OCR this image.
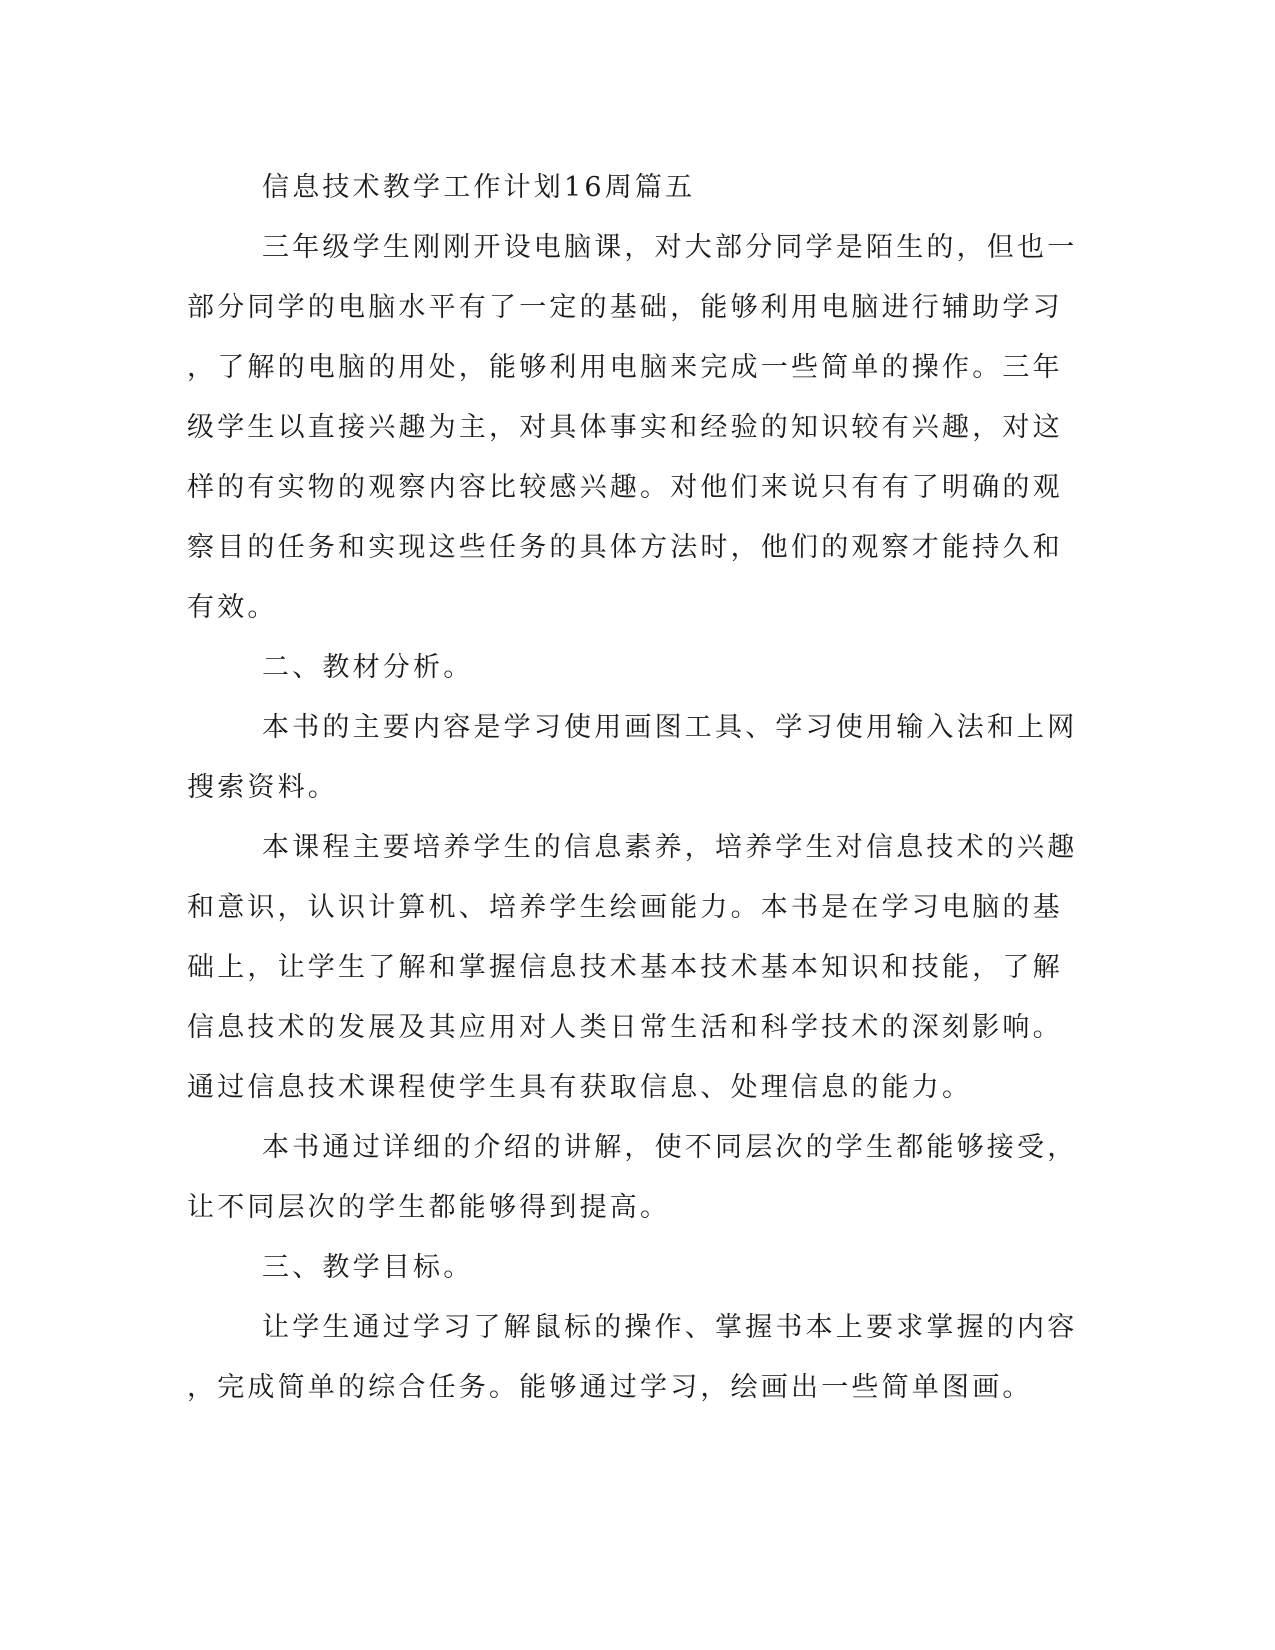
信息技术教学工作计划16周篇五

三年级学生刚刚开设电脑课，对大部分同学是陌生的，但也一部分同学的电脑水平有了一定的基础，能够利用电脑进行辅助学习，了解的电脑的用处，能够利用电脑来完成一些简单的操作。三年级学生以直接兴趣为主，对具体事实和经验的知识较有兴趣，对这样的有实物的观察内容比较感兴趣。对他们来说只有有了明确的观察目的任务和实现这些任务的具体方法时，他们的观察才能持久和有效。

二、教材分析。

本书的主要内容是学习使用画图工具、学习使用输入法和上网搜索资料。

本课程主要培养学生的信息素养，培养学生对信息技术的兴趣和意识，认识计算机、培养学生绘画能力。本书是在学习电脑的基础上，让学生了解和掌握信息技术基本技术基本知识和技能，了解信息技术的发展及其应用对人类日常生活和科学技术的深刻影响。通过信息技术课程使学生具有获取信息、处理信息的能力。

本书通过详细的介绍的讲解，使不同层次的学生都能够接受，让不同层次的学生都能够得到提高。

三、教学目标。

让学生通过学习了解鼠标的操作、掌握书本上要求掌握的内容，完成简单的综合任务。能够通过学习，绘画出一些简单图画。
